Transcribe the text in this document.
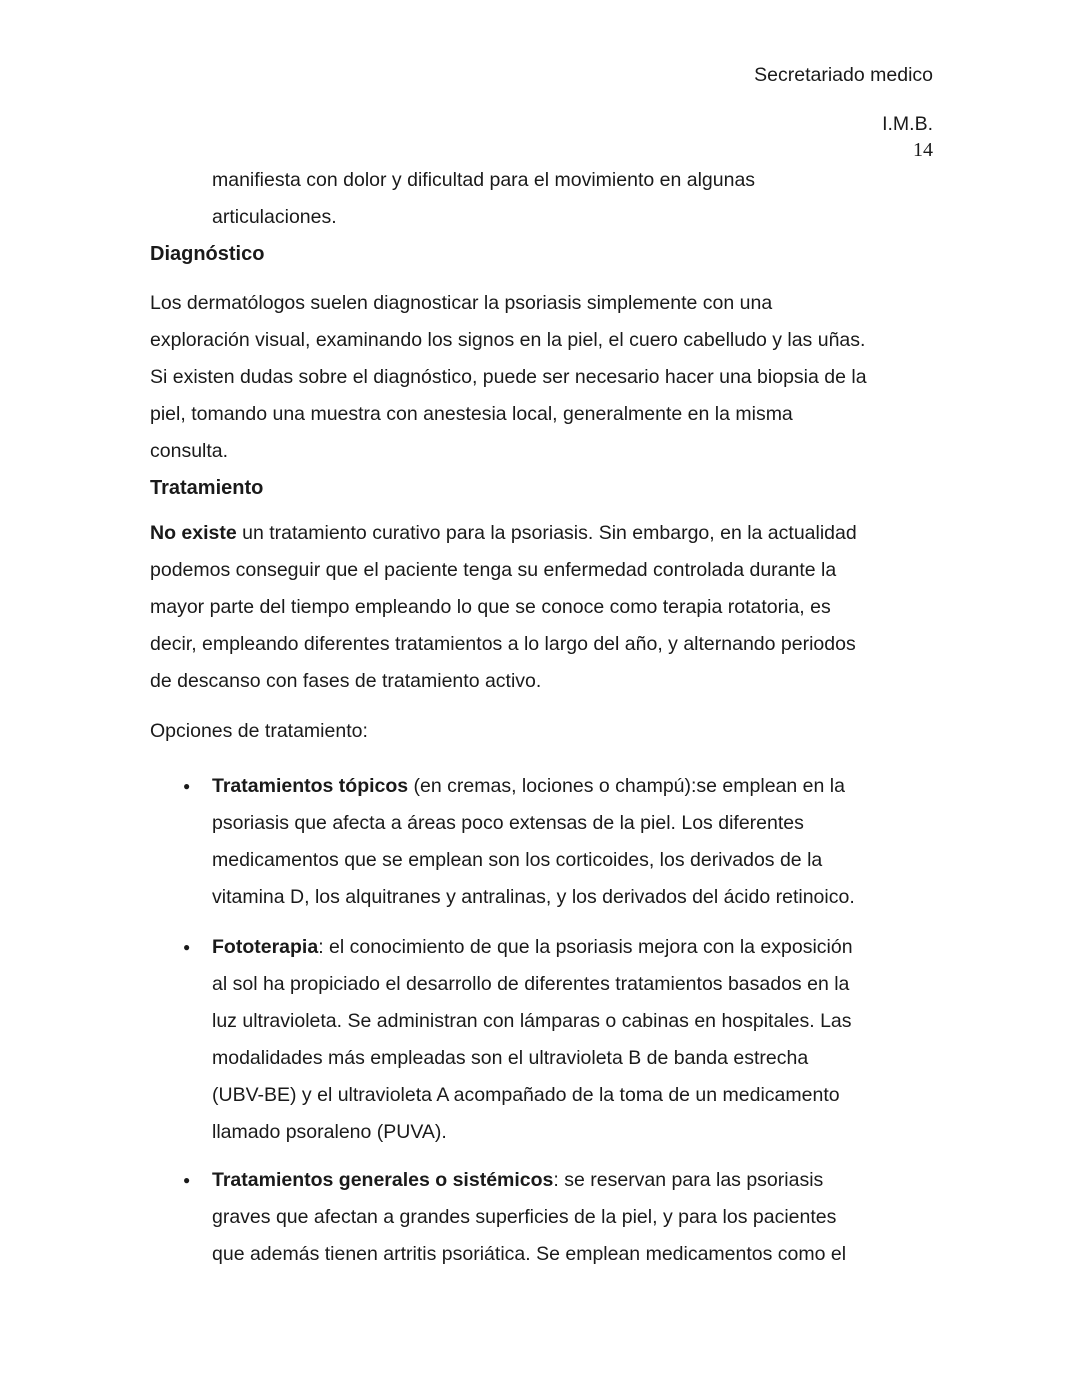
Secretariado medico
I.M.B.
14
manifiesta con dolor y dificultad para el movimiento en algunas
articulaciones.
Diagnóstico
Los dermatólogos suelen diagnosticar la psoriasis simplemente con una
exploración visual, examinando los signos en la piel, el cuero cabelludo y las uñas.
Si existen dudas sobre el diagnóstico, puede ser necesario hacer una biopsia de la
piel, tomando una muestra con anestesia local, generalmente en la misma
consulta.
Tratamiento
No existe un tratamiento curativo para la psoriasis. Sin embargo, en la actualidad
podemos conseguir que el paciente tenga su enfermedad controlada durante la
mayor parte del tiempo empleando lo que se conoce como terapia rotatoria, es
decir, empleando diferentes tratamientos a lo largo del año, y alternando periodos
de descanso con fases de tratamiento activo.

Opciones de tratamiento:

● Tratamientos tópicos (en cremas, lociones o champú):se emplean en la
psoriasis que afecta a áreas poco extensas de la piel. Los diferentes
medicamentos que se emplean son los corticoides, los derivados de la
vitamina D, los alquitranes y antralinas, y los derivados del ácido retinoico.
● Fototerapia: el conocimiento de que la psoriasis mejora con la exposición
al sol ha propiciado el desarrollo de diferentes tratamientos basados en la
luz ultravioleta. Se administran con lámparas o cabinas en hospitales. Las
modalidades más empleadas son el ultravioleta B de banda estrecha
(UBV-BE) y el ultravioleta A acompañado de la toma de un medicamento
llamado psoraleno (PUVA).
● Tratamientos generales o sistémicos: se reservan para las psoriasis
graves que afectan a grandes superficies de la piel, y para los pacientes
que además tienen artritis psoriática. Se emplean medicamentos como el
